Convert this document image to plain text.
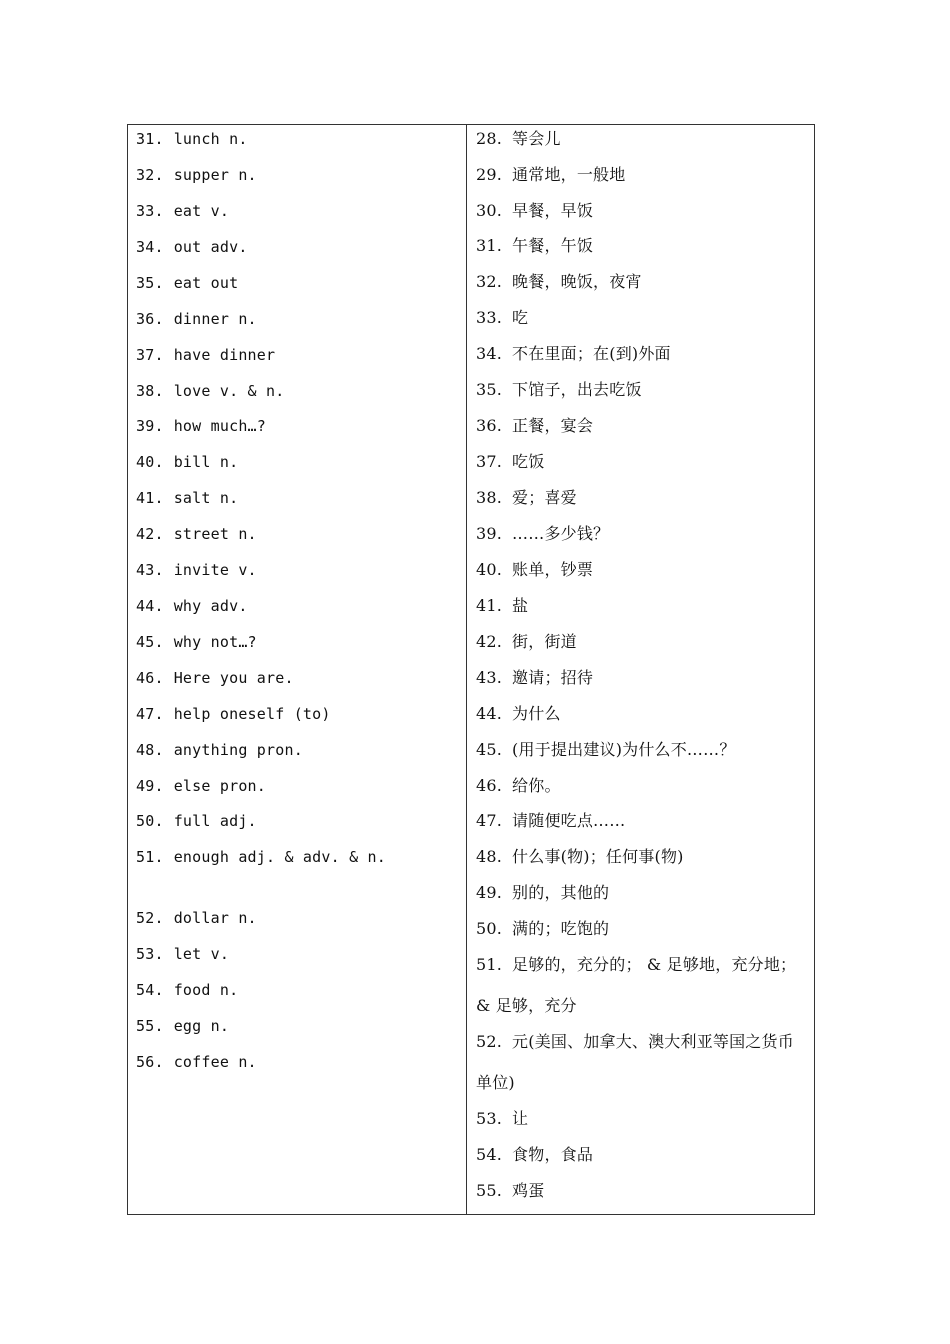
31. lunch n.
32. supper n.
33. eat v.
34. out adv.
35. eat out
36. dinner n.
37. have dinner
38. love v. & n.
39. how much…?
40. bill n.
41. salt n.
42. street n.
43. invite v.
44. why adv.
45. why not…?
46. Here you are.
47. help oneself (to)
48. anything pron.
49. else pron.
50. full adj.
51. enough adj. & adv. & n.
52. dollar n.
53. let v.
54. food n.
55. egg n.
56. coffee n.
28. 等会儿
29. 通常地，一般地
30. 早餐，早饭
31. 午餐，午饭
32. 晚餐，晚饭，夜宵
33. 吃
34. 不在里面；在(到)外面
35. 下馆子，出去吃饭
36. 正餐，宴会
37. 吃饭
38. 爱；喜爱
39. ……多少钱？
40. 账单，钞票
41. 盐
42. 街，街道
43. 邀请；招待
44. 为什么
45. (用于提出建议)为什么不……？
46. 给你。
47. 请随便吃点……
48. 什么事(物)；任何事(物)
49. 别的，其他的
50. 满的；吃饱的
51. 足够的，充分的； & 足够地，充分地；
& 足够，充分
52. 元(美国、加拿大、澳大利亚等国之货币
单位)
53. 让
54. 食物，食品
55. 鸡蛋
